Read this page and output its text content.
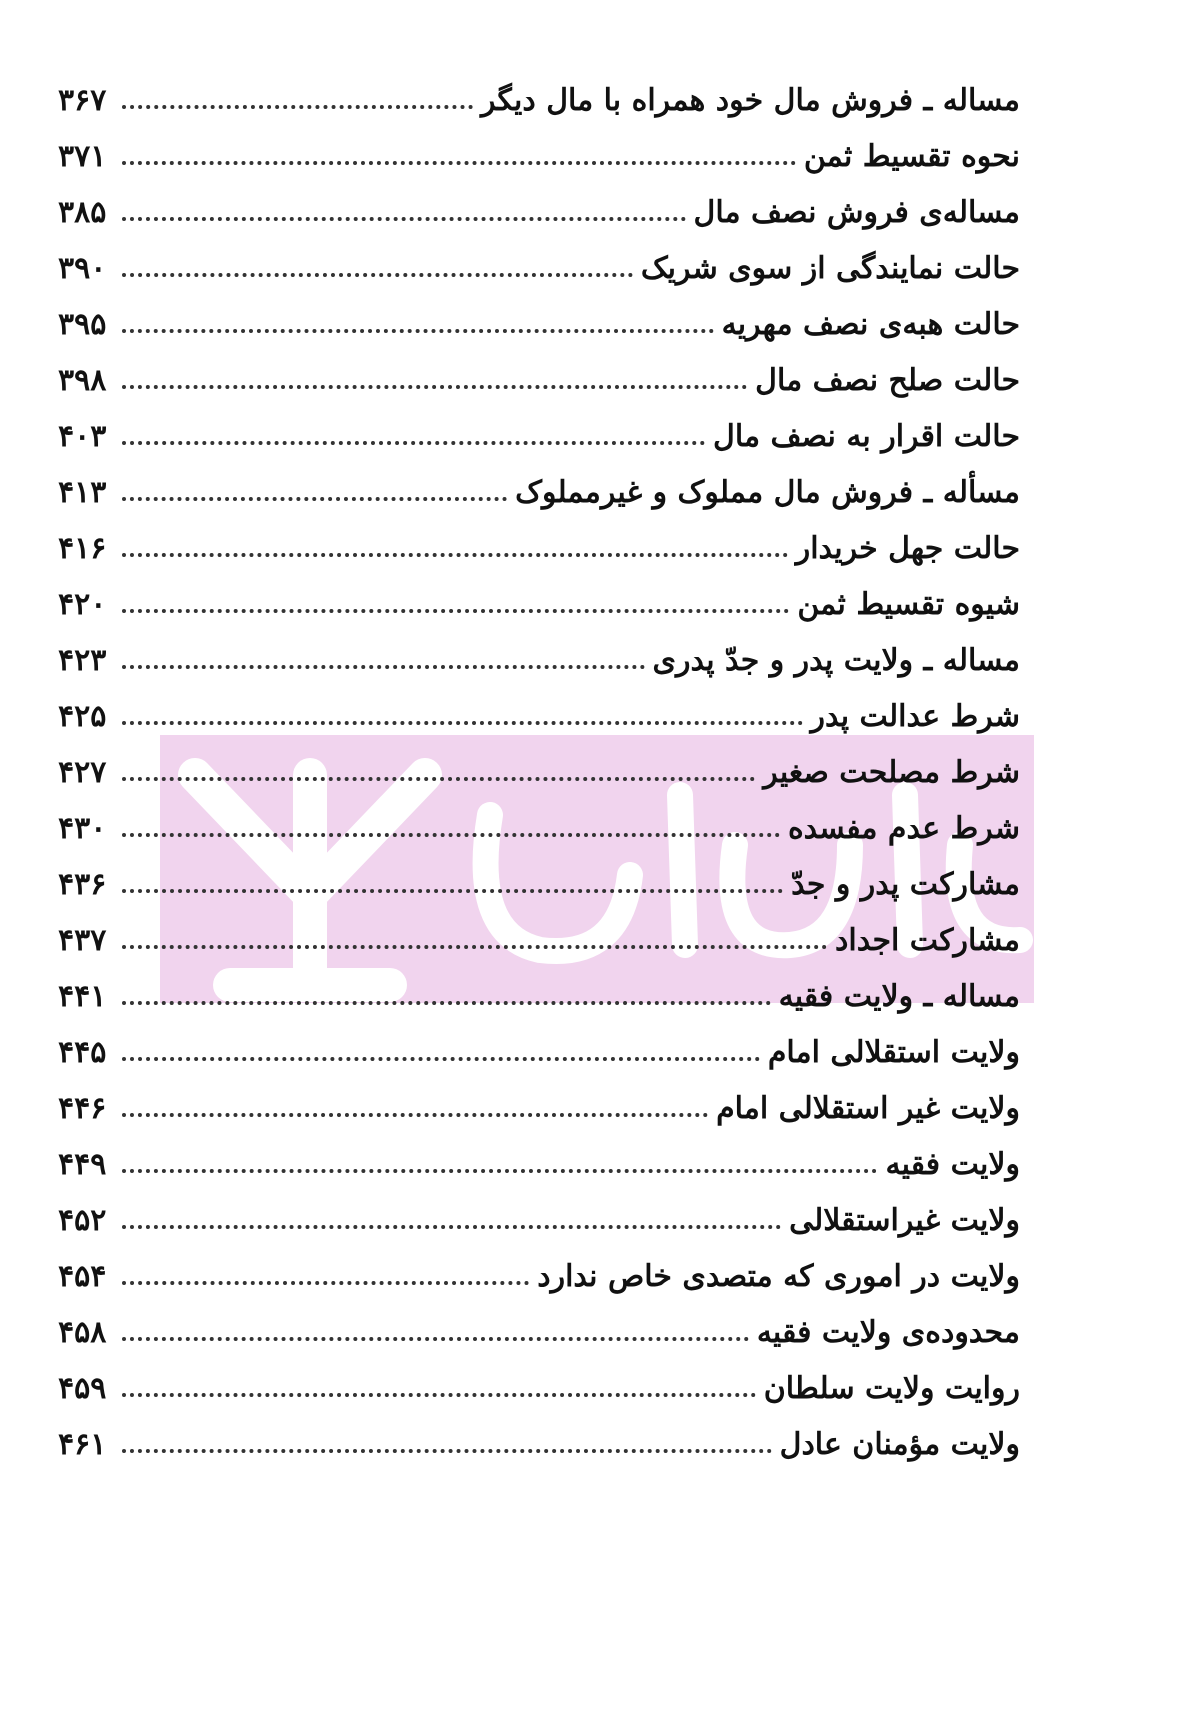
مساله ـ فروش مال خود همراه با مال دیگر
۳۶۷
نحوه تقسیط ثمن
۳۷۱
مساله‌ی فروش نصف مال
۳۸۵
حالت نمایندگی از سوی شریک
۳۹۰
حالت هبه‌ی نصف مهریه
۳۹۵
حالت صلح نصف مال
۳۹۸
حالت اقرار به نصف مال
۴۰۳
مسأله ـ فروش مال مملوک و غیرمملوک
۴۱۳
حالت جهل خریدار
۴۱۶
شیوه تقسیط ثمن
۴۲۰
مساله ـ ولایت پدر و جدّ پدری
۴۲۳
شرط عدالت پدر
۴۲۵
شرط مصلحت صغیر
۴۲۷
شرط عدم مفسده
۴۳۰
مشارکت پدر و جدّ
۴۳۶
مشارکت اجداد
۴۳۷
مساله ـ ولایت فقیه
۴۴۱
ولایت استقلالی امام
۴۴۵
ولایت غیر استقلالی امام
۴۴۶
ولایت فقیه
۴۴۹
ولایت غیراستقلالی
۴۵۲
ولایت در اموری که متصدی خاص ندارد
۴۵۴
محدوده‌ی ولایت فقیه
۴۵۸
روایت ولایت سلطان
۴۵۹
ولایت مؤمنان عادل
۴۶۱
